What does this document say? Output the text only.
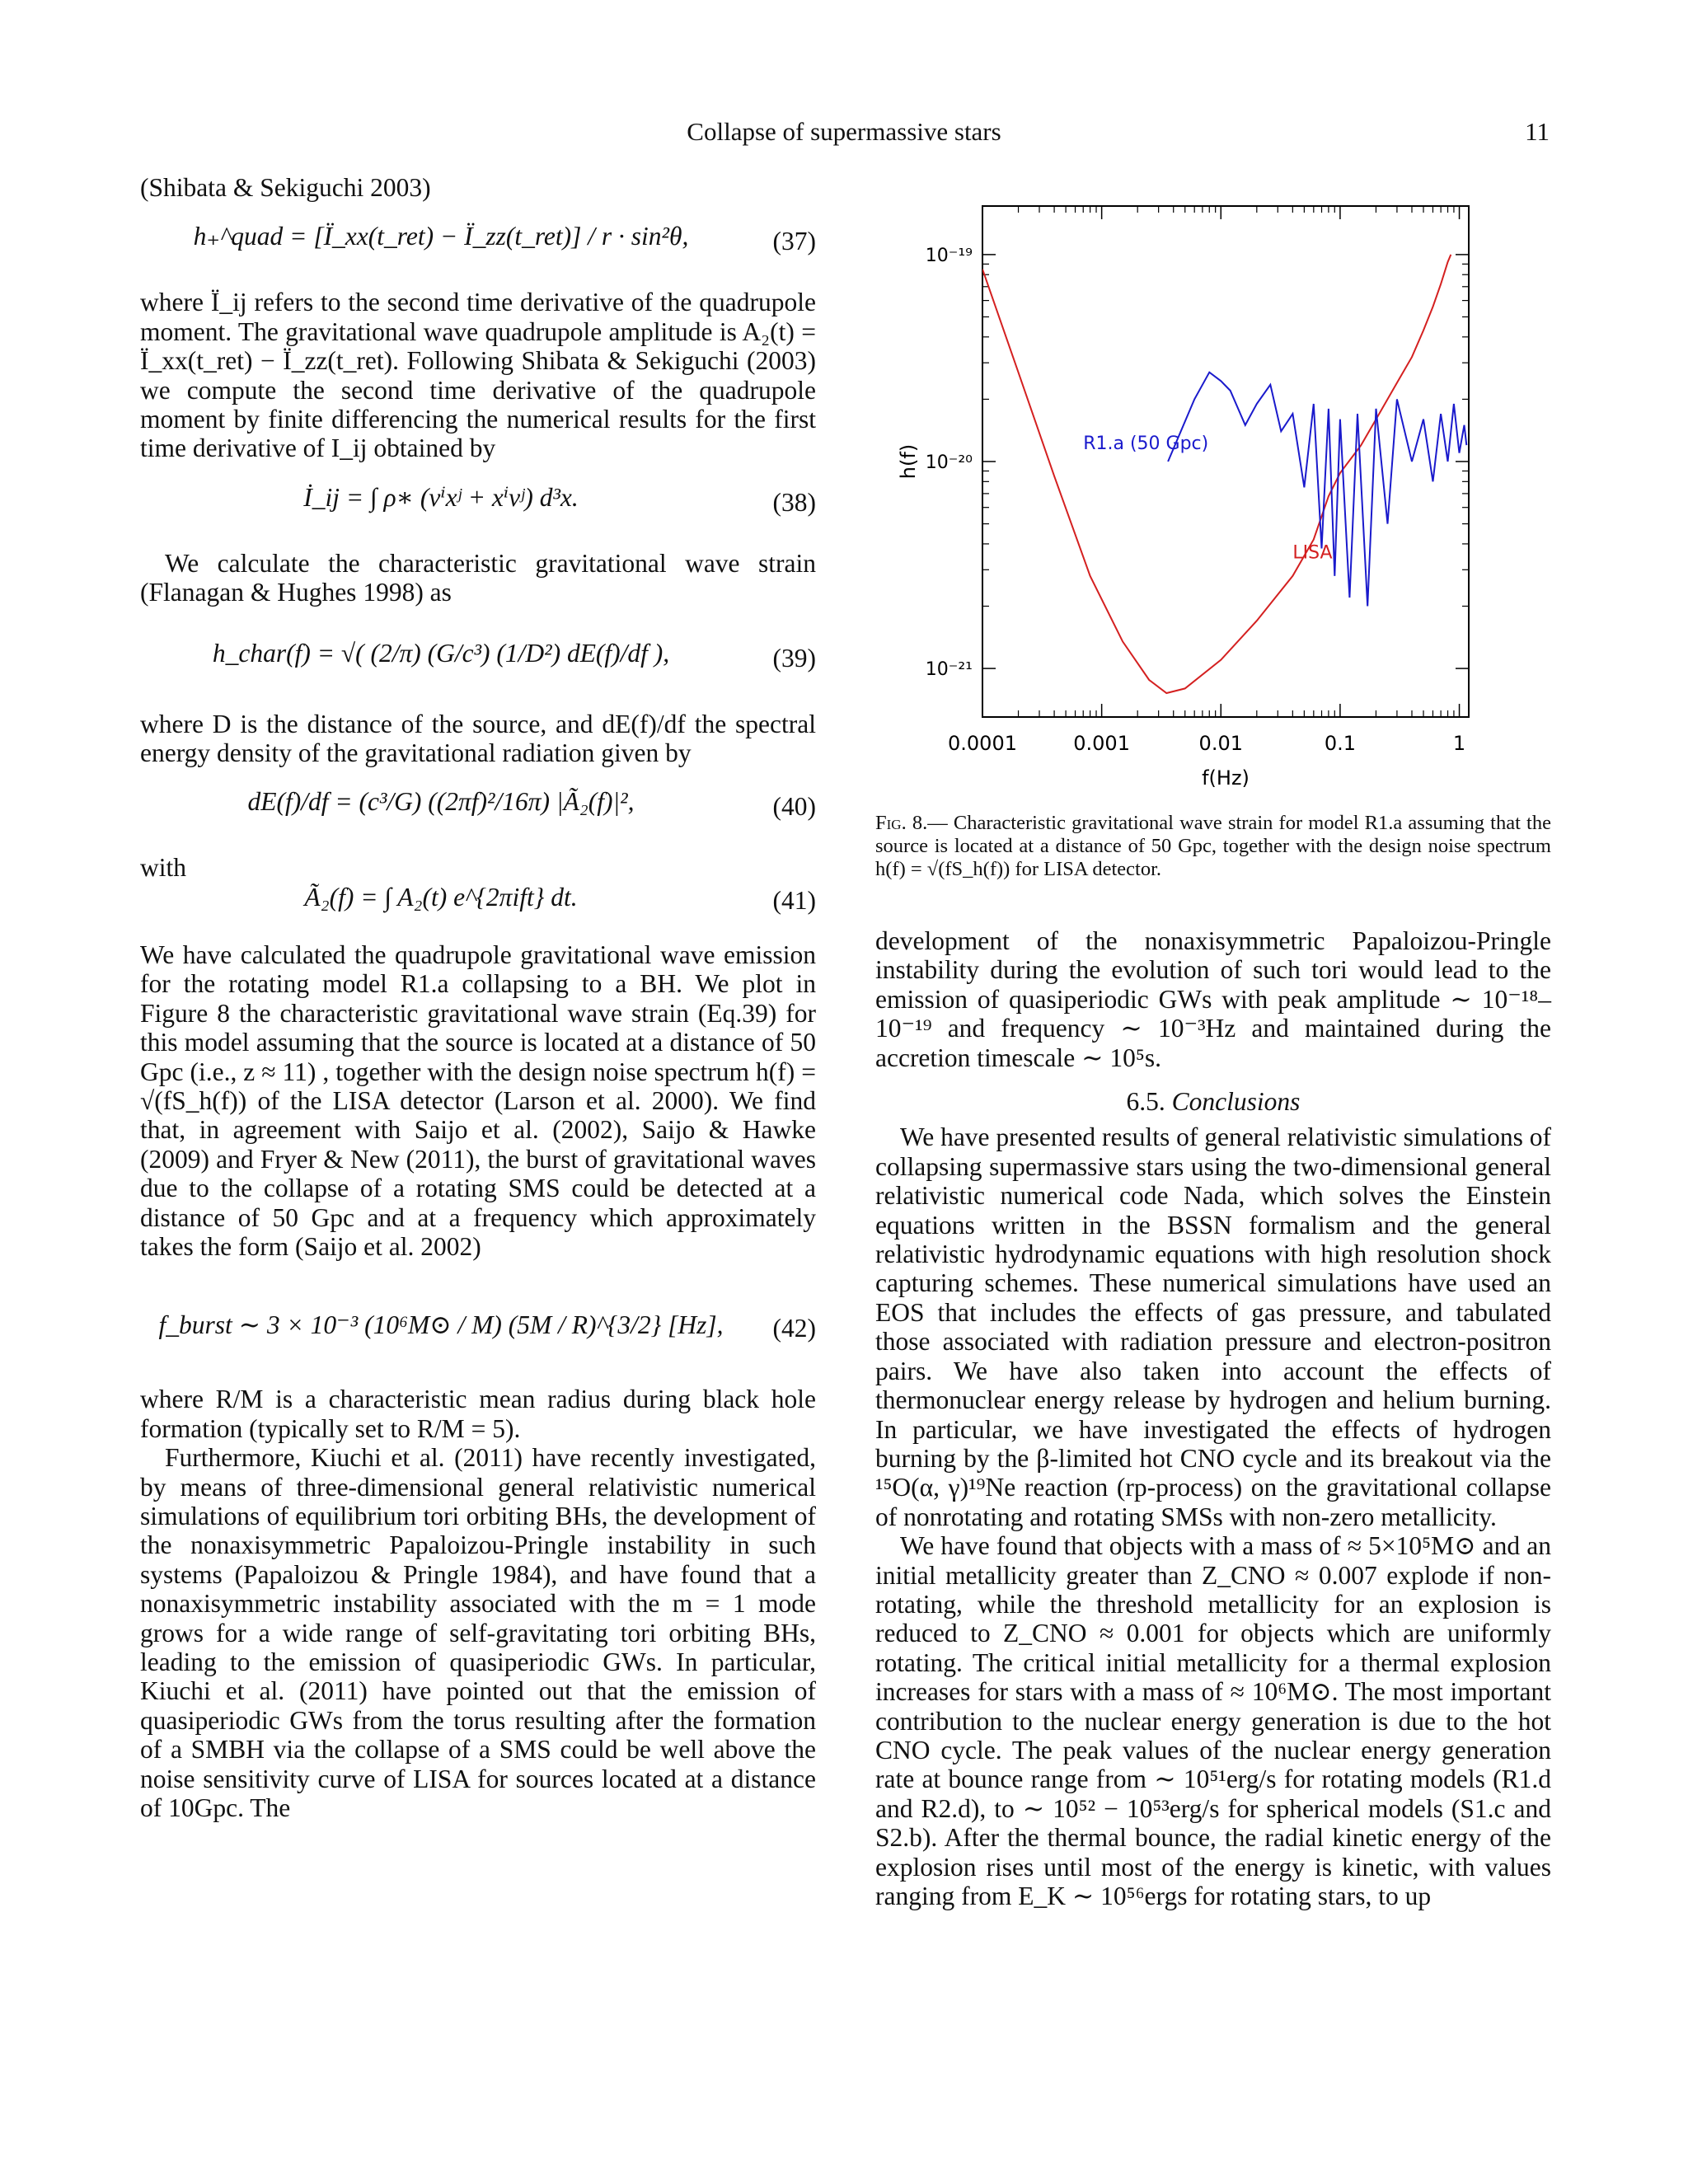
Collapse of supermassive stars	11

(Shibata & Sekiguchi 2003)

h₊^quad = [Ï_xx(t_ret) − Ï_zz(t_ret)] / r · sin²θ,	(37)

where Ï_ij refers to the second time derivative of the quadrupole moment. The gravitational wave quadrupole amplitude is A₂(t) = Ï_xx(t_ret) − Ï_zz(t_ret). Following Shibata & Sekiguchi (2003) we compute the second time derivative of the quadrupole moment by finite differencing the numerical results for the first time derivative of I_ij obtained by

İ_ij = ∫ ρ∗ (vⁱxʲ + xⁱvʲ) d³x.	(38)

We calculate the characteristic gravitational wave strain (Flanagan & Hughes 1998) as

h_char(f) = √( (2/π) (G/c³) (1/D²) dE(f)/df ),	(39)

where D is the distance of the source, and dE(f)/df the spectral energy density of the gravitational radiation given by

dE(f)/df = (c³/G) ((2πf)²/16π) |Ã₂(f)|²,	(40)

with

Ã₂(f) = ∫ A₂(t) e^{2πift} dt.	(41)

We have calculated the quadrupole gravitational wave emission for the rotating model R1.a collapsing to a BH. We plot in Figure 8 the characteristic gravitational wave strain (Eq.39) for this model assuming that the source is located at a distance of 50 Gpc (i.e., z ≈ 11) , together with the design noise spectrum h(f) = √(fS_h(f)) of the LISA detector (Larson et al. 2000). We find that, in agreement with Saijo et al. (2002), Saijo & Hawke (2009) and Fryer & New (2011), the burst of gravitational waves due to the collapse of a rotating SMS could be detected at a distance of 50 Gpc and at a frequency which approximately takes the form (Saijo et al. 2002)

f_burst ∼ 3 × 10⁻³ (10⁶M⊙ / M) (5M / R)^{3/2} [Hz],	(42)

where R/M is a characteristic mean radius during black hole formation (typically set to R/M = 5).

Furthermore, Kiuchi et al. (2011) have recently investigated, by means of three-dimensional general relativistic numerical simulations of equilibrium tori orbiting BHs, the development of the nonaxisymmetric Papaloizou-Pringle instability in such systems (Papaloizou & Pringle 1984), and have found that a nonaxisymmetric instability associated with the m = 1 mode grows for a wide range of self-gravitating tori orbiting BHs, leading to the emission of quasiperiodic GWs. In particular, Kiuchi et al. (2011) have pointed out that the emission of quasiperiodic GWs from the torus resulting after the formation of a SMBH via the collapse of a SMS could be well above the noise sensitivity curve of LISA for sources located at a distance of 10Gpc. The

0.0001	0.001	0.01	0.1	1
10⁻²¹
10⁻²⁰
10⁻¹⁹
f(Hz)
h(f)
R1.a (50 Gpc)
LISA
Fig. 8.— Characteristic gravitational wave strain for model R1.a assuming that the source is located at a distance of 50 Gpc, together with the design noise spectrum h(f) = √(fS_h(f)) for LISA detector.

development of the nonaxisymmetric Papaloizou-Pringle instability during the evolution of such tori would lead to the emission of quasiperiodic GWs with peak amplitude ∼ 10⁻¹⁸–10⁻¹⁹ and frequency ∼ 10⁻³Hz and maintained during the accretion timescale ∼ 10⁵s.

6.5. Conclusions

We have presented results of general relativistic simulations of collapsing supermassive stars using the two-dimensional general relativistic numerical code Nada, which solves the Einstein equations written in the BSSN formalism and the general relativistic hydrodynamic equations with high resolution shock capturing schemes. These numerical simulations have used an EOS that includes the effects of gas pressure, and tabulated those associated with radiation pressure and electron-positron pairs. We have also taken into account the effects of thermonuclear energy release by hydrogen and helium burning. In particular, we have investigated the effects of hydrogen burning by the β-limited hot CNO cycle and its breakout via the ¹⁵O(α, γ)¹⁹Ne reaction (rp-process) on the gravitational collapse of nonrotating and rotating SMSs with non-zero metallicity.

We have found that objects with a mass of ≈ 5×10⁵M⊙ and an initial metallicity greater than Z_CNO ≈ 0.007 explode if non-rotating, while the threshold metallicity for an explosion is reduced to Z_CNO ≈ 0.001 for objects which are uniformly rotating. The critical initial metallicity for a thermal explosion increases for stars with a mass of ≈ 10⁶M⊙. The most important contribution to the nuclear energy generation is due to the hot CNO cycle. The peak values of the nuclear energy generation rate at bounce range from ∼ 10⁵¹erg/s for rotating models (R1.d and R2.d), to ∼ 10⁵² − 10⁵³erg/s for spherical models (S1.c and S2.b). After the thermal bounce, the radial kinetic energy of the explosion rises until most of the energy is kinetic, with values ranging from E_K ∼ 10⁵⁶ergs for rotating stars, to up
